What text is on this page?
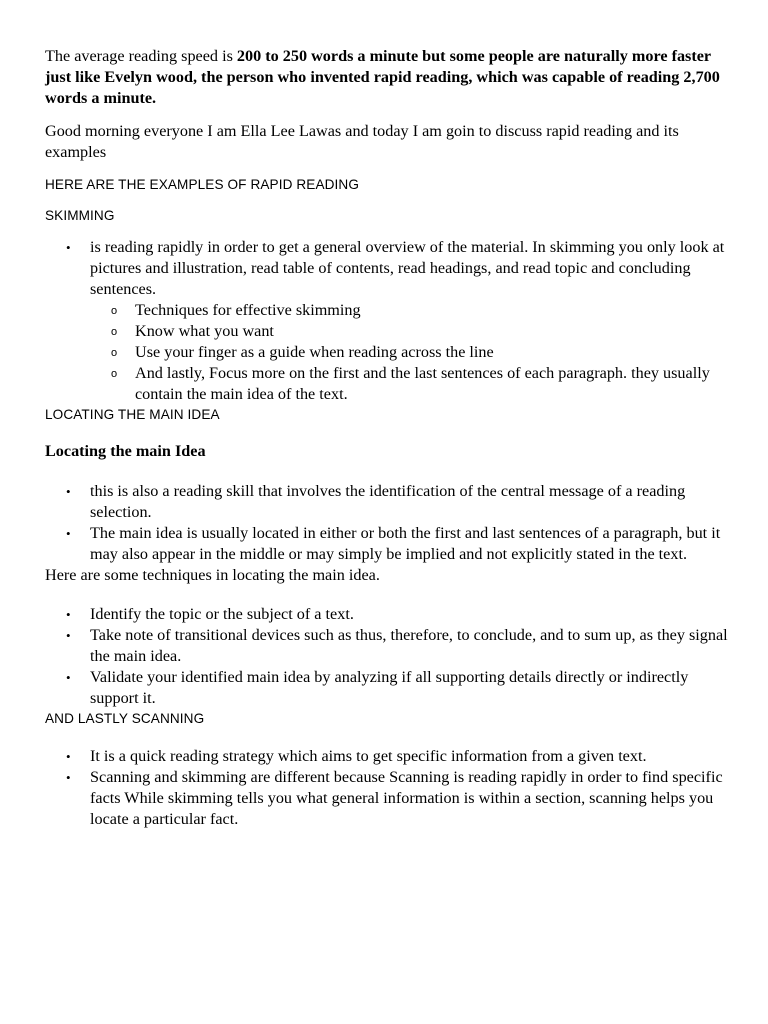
The average reading speed is 200 to 250 words a minute but some people are naturally more faster just like Evelyn wood, the person who invented rapid reading, which was capable of reading 2,700 words a minute.

Good morning everyone I am Ella Lee Lawas and today I am goin to discuss rapid reading and its examples

HERE ARE THE EXAMPLES OF RAPID READING

SKIMMING

• is reading rapidly in order to get a general overview of the material. In skimming you only look at pictures and illustration, read table of contents, read headings, and read topic and concluding sentences.
o Techniques for effective skimming
o Know what you want
o Use your finger as a guide when reading across the line
o And lastly, Focus more on the first and the last sentences of each paragraph. they usually contain the main idea of the text.

LOCATING THE MAIN IDEA

Locating the main Idea

• this is also a reading skill that involves the identification of the central message of a reading selection.
• The main idea is usually located in either or both the first and last sentences of a paragraph, but it may also appear in the middle or may simply be implied and not explicitly stated in the text.

Here are some techniques in locating the main idea.

• Identify the topic or the subject of a text.
• Take note of transitional devices such as thus, therefore, to conclude, and to sum up, as they signal the main idea.
• Validate your identified main idea by analyzing if all supporting details directly or indirectly support it.

AND LASTLY SCANNING

• It is a quick reading strategy which aims to get specific information from a given text.
• Scanning and skimming are different because Scanning is reading rapidly in order to find specific facts While skimming tells you what general information is within a section, scanning helps you locate a particular fact.
